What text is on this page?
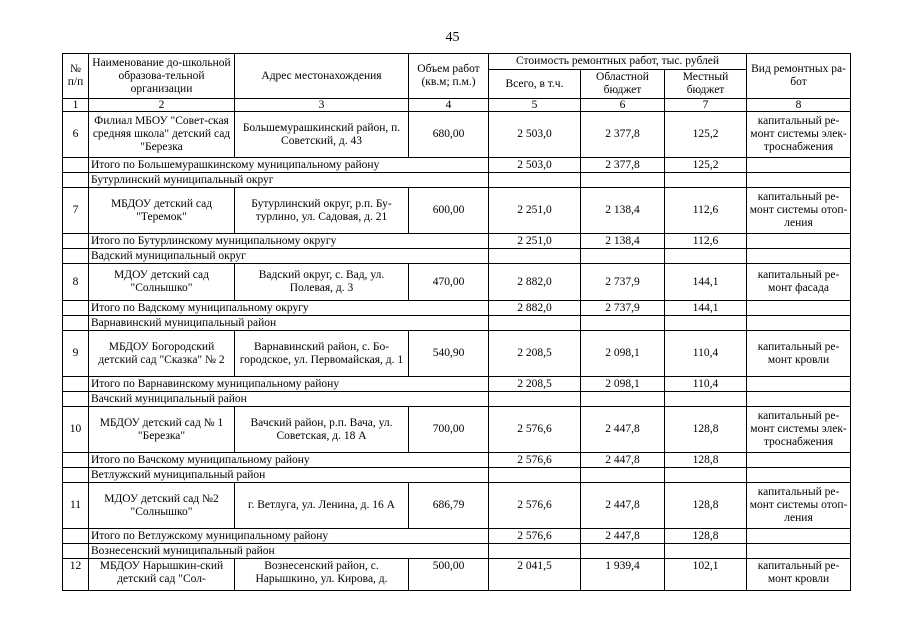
45
№ п/п	Наименование до-школьной образова-тельной организации	Адрес местонахождения	Объем работ (кв.м; п.м.)	Стоимость ремонтных работ, тыс. рублей			Вид ремонтных ра-бот
				Всего, в т.ч.	Областной бюджет	Местный бюджет	
1	2	3	4	5	6	7	8
6	Филиал МБОУ "Совет-ская средняя школа" детский сад "Березка	Большемурашкинский район, п. Советский, д. 43	680,00	2 503,0	2 377,8	125,2	капитальный ре-монт системы элек-троснабжения
	Итого по Большемурашкинскому муниципальному району			2 503,0	2 377,8	125,2	
	Бутурлинский муниципальный округ						
7	МБДОУ детский сад "Теремок"	Бутурлинский округ, р.п. Бу-турлино, ул. Садовая, д. 21	600,00	2 251,0	2 138,4	112,6	капитальный ре-монт системы отоп-ления
	Итого по Бутурлинскому муниципальному округу			2 251,0	2 138,4	112,6	
	Вадский муниципальный округ						
8	МДОУ детский сад "Солнышко"	Вадский округ, с. Вад, ул. Полевая, д. 3	470,00	2 882,0	2 737,9	144,1	капитальный ре-монт фасада
	Итого по Вадскому муниципальному округу			2 882,0	2 737,9	144,1	
	Варнавинский муниципальный район						
9	МБДОУ Богородский детский сад "Сказка" № 2	Варнавинский район, с. Бо-городское, ул. Первомайская, д. 1	540,90	2 208,5	2 098,1	110,4	капитальный ре-монт кровли
	Итого по Варнавинскому муниципальному району			2 208,5	2 098,1	110,4	
	Вачский муниципальный район						
10	МБДОУ детский сад № 1 "Березка"	Вачский район, р.п. Вача, ул. Советская, д. 18 А	700,00	2 576,6	2 447,8	128,8	капитальный ре-монт системы элек-троснабжения
	Итого по Вачскому муниципальному району			2 576,6	2 447,8	128,8	
	Ветлужский муниципальный район						
11	МДОУ детский сад №2 "Солнышко"	г. Ветлуга, ул. Ленина, д. 16 А	686,79	2 576,6	2 447,8	128,8	капитальный ре-монт системы отоп-ления
	Итого по Ветлужскому муниципальному району			2 576,6	2 447,8	128,8	
	Вознесенский муниципальный район						
12	МБДОУ Нарышкин-ский детский сад "Сол-	Вознесенский район, с. Нарышкино, ул. Кирова, д.	500,00	2 041,5	1 939,4	102,1	капитальный ре-монт кровли
